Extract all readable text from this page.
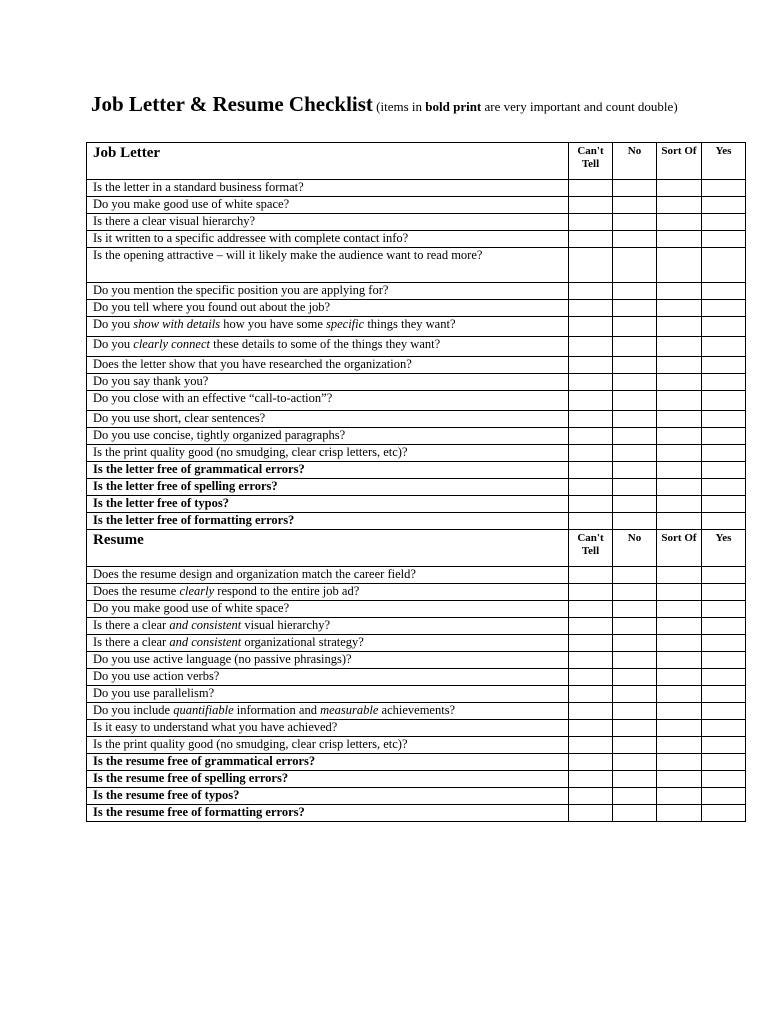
Job Letter & Resume Checklist (items in bold print are very important and count double)
Job Letter	Can't Tell	No	Sort Of	Yes
Is the letter in a standard business format?				
Do you make good use of white space?				
Is there a clear visual hierarchy?				
Is it written to a specific addressee with complete contact info?				
Is the opening attractive – will it likely make the audience want to read more?				
Do you mention the specific position you are applying for?				
Do you tell where you found out about the job?				
Do you show with details how you have some specific things they want?				
Do you clearly connect these details to some of the things they want?				
Does the letter show that you have researched the organization?				
Do you say thank you?				
Do you close with an effective “call-to-action”?				
Do you use short, clear sentences?				
Do you use concise, tightly organized paragraphs?				
Is the print quality good (no smudging, clear crisp letters, etc)?				
Is the letter free of grammatical errors?				
Is the letter free of spelling errors?				
Is the letter free of typos?				
Is the letter free of formatting errors?				
Resume	Can't Tell	No	Sort Of	Yes
Does the resume design and organization match the career field?				
Does the resume clearly respond to the entire job ad?				
Do you make good use of white space?				
Is there a clear and consistent visual hierarchy?				
Is there a clear and consistent organizational strategy?				
Do you use active language (no passive phrasings)?				
Do you use action verbs?				
Do you use parallelism?				
Do you include quantifiable information and measurable achievements?				
Is it easy to understand what you have achieved?				
Is the print quality good (no smudging, clear crisp letters, etc)?				
Is the resume free of grammatical errors?				
Is the resume free of spelling errors?				
Is the resume free of typos?				
Is the resume free of formatting errors?				
